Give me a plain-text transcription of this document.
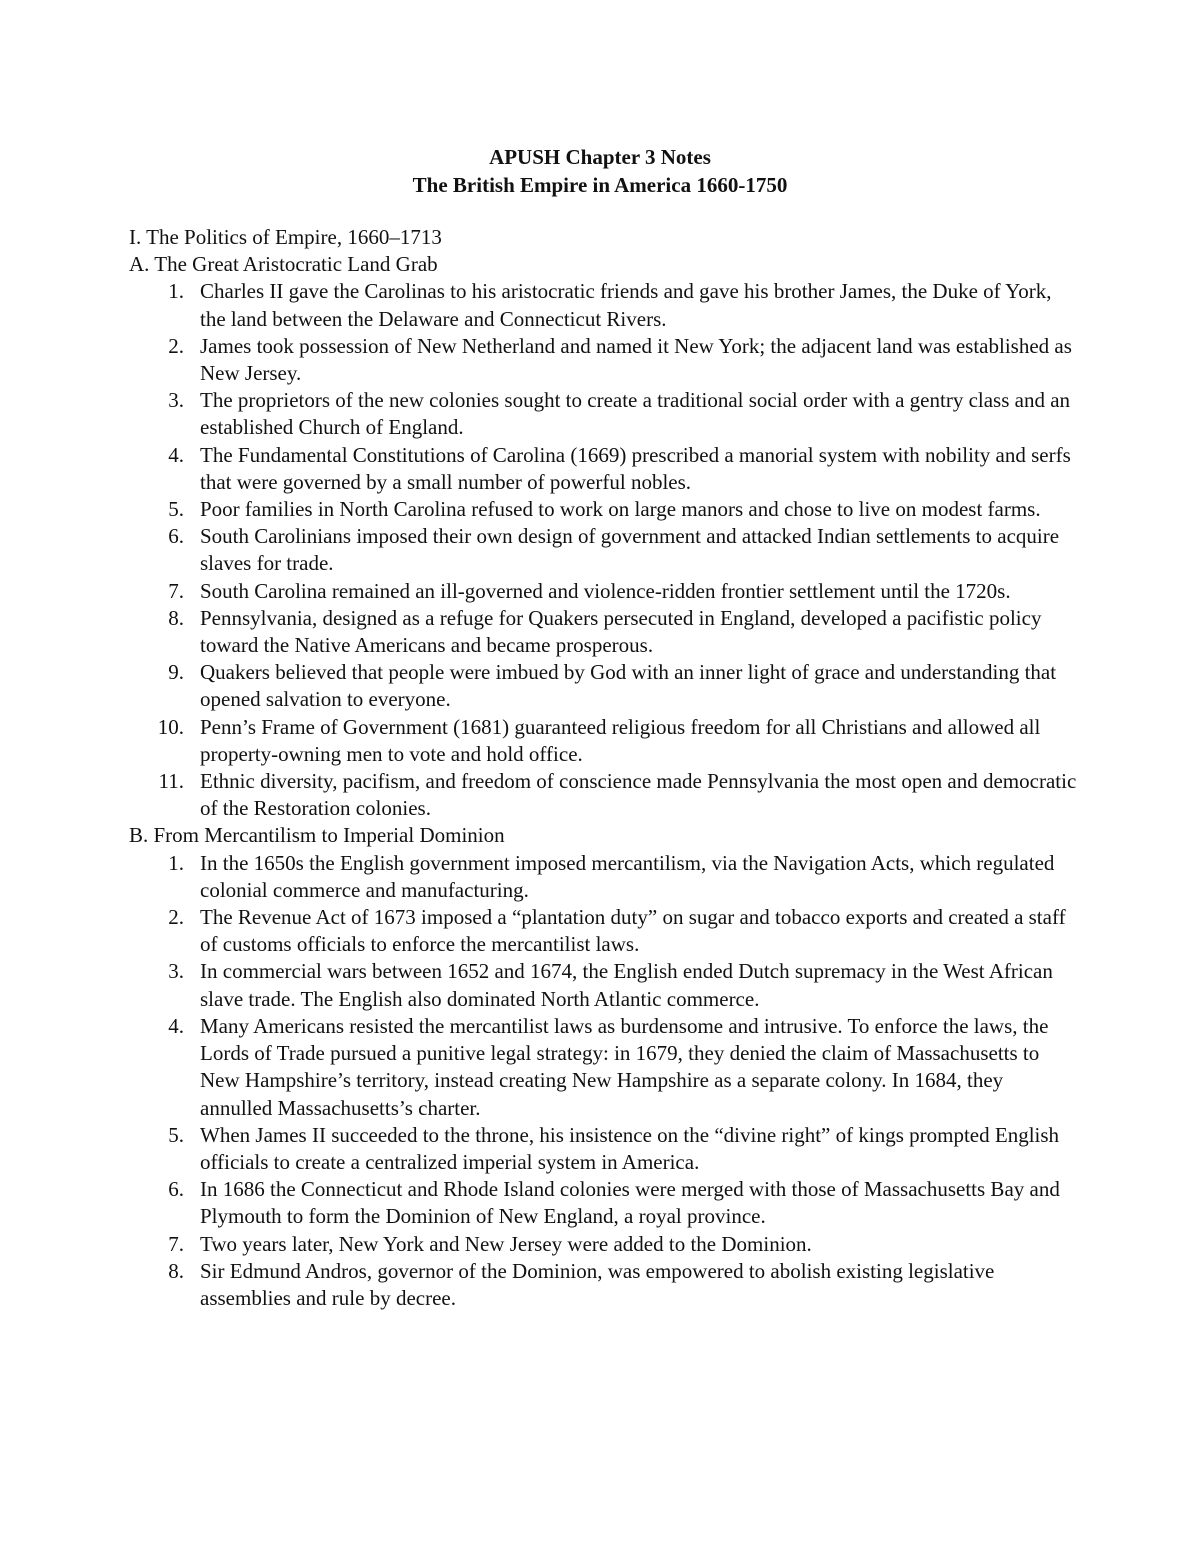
APUSH Chapter 3 Notes
The British Empire in America 1660-1750
I. The Politics of Empire, 1660–1713
A. The Great Aristocratic Land Grab
1. Charles II gave the Carolinas to his aristocratic friends and gave his brother James, the Duke of York, the land between the Delaware and Connecticut Rivers.
2. James took possession of New Netherland and named it New York; the adjacent land was established as New Jersey.
3. The proprietors of the new colonies sought to create a traditional social order with a gentry class and an established Church of England.
4. The Fundamental Constitutions of Carolina (1669) prescribed a manorial system with nobility and serfs that were governed by a small number of powerful nobles.
5. Poor families in North Carolina refused to work on large manors and chose to live on modest farms.
6. South Carolinians imposed their own design of government and attacked Indian settlements to acquire slaves for trade.
7. South Carolina remained an ill-governed and violence-ridden frontier settlement until the 1720s.
8. Pennsylvania, designed as a refuge for Quakers persecuted in England, developed a pacifistic policy toward the Native Americans and became prosperous.
9. Quakers believed that people were imbued by God with an inner light of grace and understanding that opened salvation to everyone.
10. Penn’s Frame of Government (1681) guaranteed religious freedom for all Christians and allowed all property-owning men to vote and hold office.
11. Ethnic diversity, pacifism, and freedom of conscience made Pennsylvania the most open and democratic of the Restoration colonies.
B. From Mercantilism to Imperial Dominion
1. In the 1650s the English government imposed mercantilism, via the Navigation Acts, which regulated colonial commerce and manufacturing.
2. The Revenue Act of 1673 imposed a “plantation duty” on sugar and tobacco exports and created a staff of customs officials to enforce the mercantilist laws.
3. In commercial wars between 1652 and 1674, the English ended Dutch supremacy in the West African slave trade. The English also dominated North Atlantic commerce.
4. Many Americans resisted the mercantilist laws as burdensome and intrusive. To enforce the laws, the Lords of Trade pursued a punitive legal strategy: in 1679, they denied the claim of Massachusetts to New Hampshire’s territory, instead creating New Hampshire as a separate colony. In 1684, they annulled Massachusetts’s charter.
5. When James II succeeded to the throne, his insistence on the “divine right” of kings prompted English officials to create a centralized imperial system in America.
6. In 1686 the Connecticut and Rhode Island colonies were merged with those of Massachusetts Bay and Plymouth to form the Dominion of New England, a royal province.
7. Two years later, New York and New Jersey were added to the Dominion.
8. Sir Edmund Andros, governor of the Dominion, was empowered to abolish existing legislative assemblies and rule by decree.
